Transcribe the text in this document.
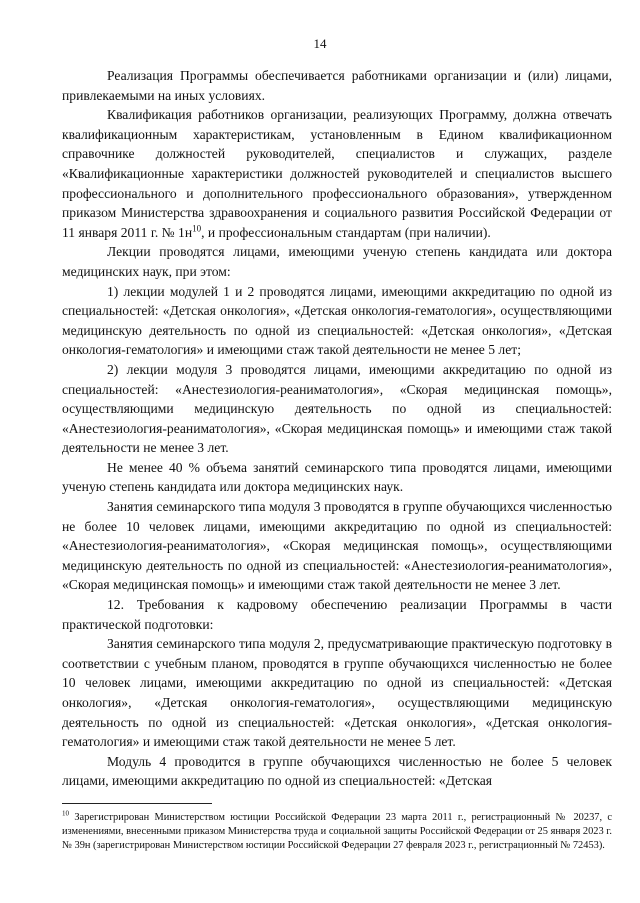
14

Реализация Программы обеспечивается работниками организации и (или) лицами, привлекаемыми на иных условиях.

Квалификация работников организации, реализующих Программу, должна отвечать квалификационным характеристикам, установленным в Едином квалификационном справочнике должностей руководителей, специалистов и служащих, разделе «Квалификационные характеристики должностей руководителей и специалистов высшего профессионального и дополнительного профессионального образования», утвержденном приказом Министерства здравоохранения и социального развития Российской Федерации от 11 января 2011 г. № $1н^{10}$, и профессиональным стандартам (при наличии).

Лекции проводятся лицами, имеющими ученую степень кандидата или доктора медицинских наук, при этом:

1) лекции модулей 1 и 2 проводятся лицами, имеющими аккредитацию по одной из специальностей: «Детская онкология», «Детская онкология-гематология», осуществляющими медицинскую деятельность по одной из специальностей: «Детская онкология», «Детская онкология-гематология» и имеющими стаж такой деятельности не менее 5 лет;

2) лекции модуля 3 проводятся лицами, имеющими аккредитацию по одной из специальностей: «Анестезиология-реаниматология», «Скорая медицинская помощь», осуществляющими медицинскую деятельность по одной из специальностей: «Анестезиология-реаниматология», «Скорая медицинская помощь» и имеющими стаж такой деятельности не менее 3 лет.

Не менее 40 % объема занятий семинарского типа проводятся лицами, имеющими ученую степень кандидата или доктора медицинских наук.

Занятия семинарского типа модуля 3 проводятся в группе обучающихся численностью не более 10 человек лицами, имеющими аккредитацию по одной из специальностей: «Анестезиология-реаниматология», «Скорая медицинская помощь», осуществляющими медицинскую деятельность по одной из специальностей: «Анестезиология-реаниматология», «Скорая медицинская помощь» и имеющими стаж такой деятельности не менее 3 лет.

12. Требования к кадровому обеспечению реализации Программы в части практической подготовки:

Занятия семинарского типа модуля 2, предусматривающие практическую подготовку в соответствии с учебным планом, проводятся в группе обучающихся численностью не более 10 человек лицами, имеющими аккредитацию по одной из специальностей: «Детская онкология», «Детская онкология-гематология», осуществляющими медицинскую деятельность по одной из специальностей: «Детская онкология», «Детская онкология-гематология» и имеющими стаж такой деятельности не менее 5 лет.

Модуль 4 проводится в группе обучающихся численностью не более 5 человек лицами, имеющими аккредитацию по одной из специальностей: «Детская

$^{10}$ Зарегистрирован Министерством юстиции Российской Федерации 23 марта 2011 г., регистрационный № 20237, с изменениями, внесенными приказом Министерства труда и социальной защиты Российской Федерации от 25 января 2023 г. № 39н (зарегистрирован Министерством юстиции Российской Федерации 27 февраля 2023 г., регистрационный № 72453).
